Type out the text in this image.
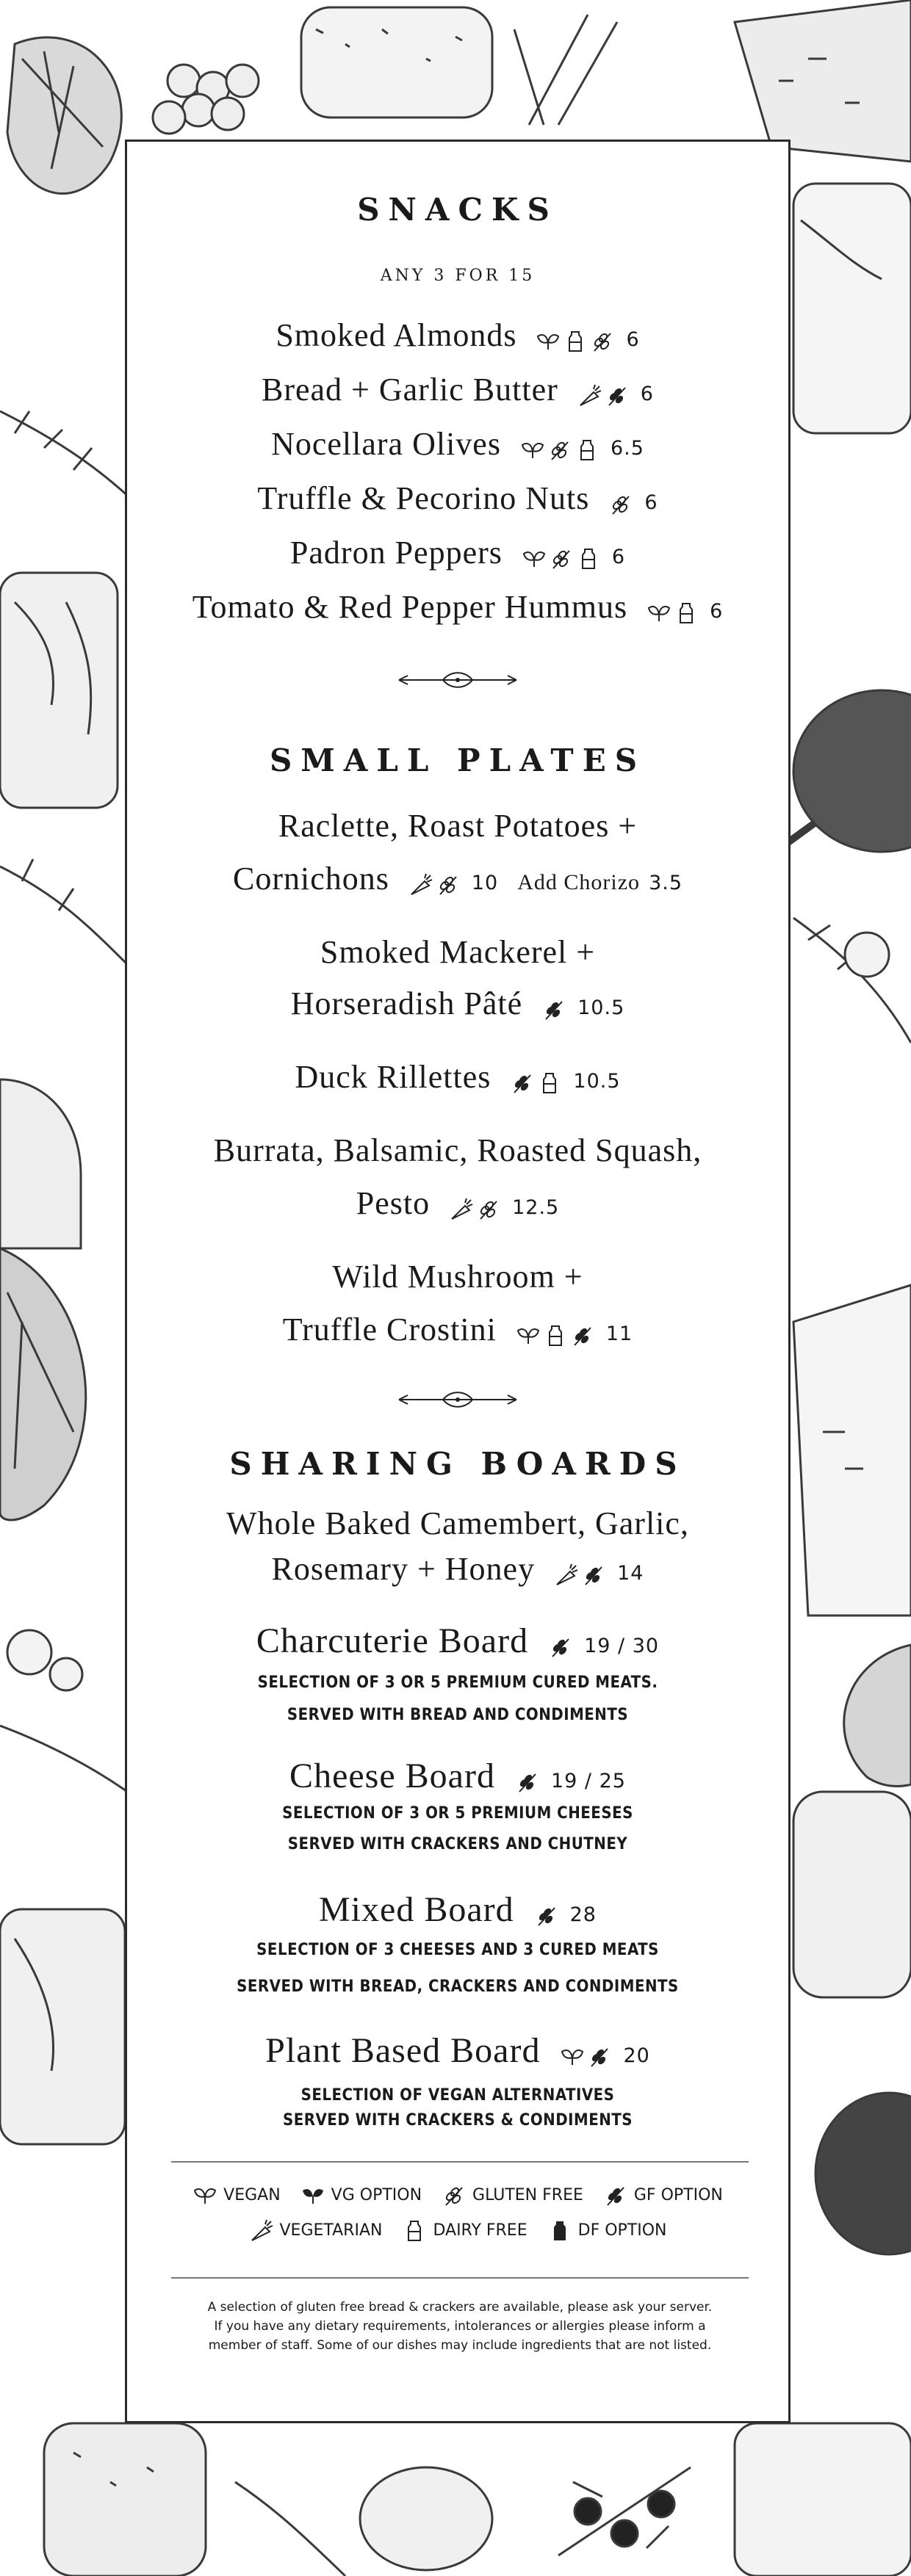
SNACKS
ANY 3 FOR 15
Smoked Almonds	6
Bread + Garlic Butter	6
Nocellara Olives	6.5
Truffle & Pecorino Nuts	6
Padron Peppers	6
Tomato & Red Pepper Hummus	6
SMALL PLATES
Raclette, Roast Potatoes +
Cornichons	10 Add Chorizo 3.5
Smoked Mackerel +
Horseradish Pâté	10.5
Duck Rillettes	10.5
Burrata, Balsamic, Roasted Squash,
Pesto	12.5
Wild Mushroom +
Truffle Crostini	11
SHARING BOARDS
Whole Baked Camembert, Garlic,
Rosemary + Honey	14
Charcuterie Board	19 / 30
SELECTION OF 3 OR 5 PREMIUM CURED MEATS.
SERVED WITH BREAD AND CONDIMENTS
Cheese Board	19 / 25
SELECTION OF 3 OR 5 PREMIUM CHEESES
SERVED WITH CRACKERS AND CHUTNEY
Mixed Board	28
SELECTION OF 3 CHEESES AND 3 CURED MEATS
SERVED WITH BREAD, CRACKERS AND CONDIMENTS
Plant Based Board	20
SELECTION OF VEGAN ALTERNATIVES
SERVED WITH CRACKERS & CONDIMENTS
VEGAN	VG OPTION	GLUTEN FREE	GF OPTION
VEGETARIAN	DAIRY FREE	DF OPTION
A selection of gluten free bread & crackers are available, please ask your server.
If you have any dietary requirements, intolerances or allergies please inform a
member of staff. Some of our dishes may include ingredients that are not listed.
